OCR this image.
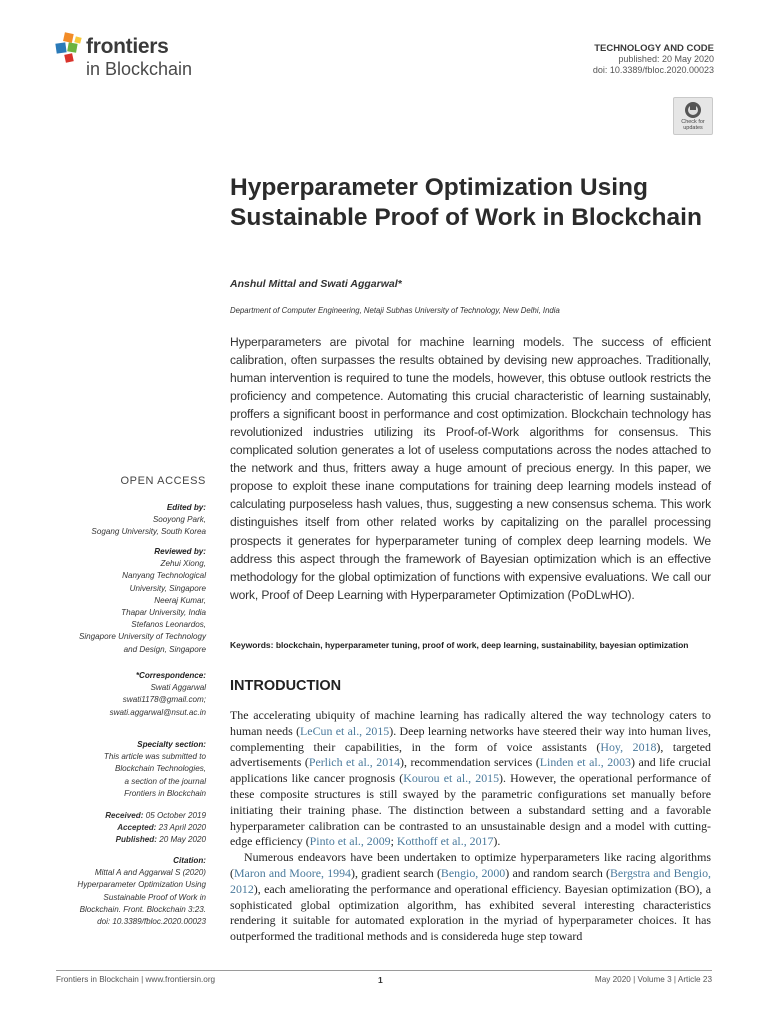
frontiers
in Blockchain
TECHNOLOGY AND CODE
published: 20 May 2020
doi: 10.3389/fbloc.2020.00023
Check for
updates
Hyperparameter Optimization Using Sustainable Proof of Work in Blockchain
Anshul Mittal and Swati Aggarwal*
Department of Computer Engineering, Netaji Subhas University of Technology, New Delhi, India
Hyperparameters are pivotal for machine learning models. The success of efficient calibration, often surpasses the results obtained by devising new approaches. Traditionally, human intervention is required to tune the models, however, this obtuse outlook restricts the proficiency and competence. Automating this crucial characteristic of learning sustainably, proffers a significant boost in performance and cost optimization. Blockchain technology has revolutionized industries utilizing its Proof-of-Work algorithms for consensus. This complicated solution generates a lot of useless computations across the nodes attached to the network and thus, fritters away a huge amount of precious energy. In this paper, we propose to exploit these inane computations for training deep learning models instead of calculating purposeless hash values, thus, suggesting a new consensus schema. This work distinguishes itself from other related works by capitalizing on the parallel processing prospects it generates for hyperparameter tuning of complex deep learning models. We address this aspect through the framework of Bayesian optimization which is an effective methodology for the global optimization of functions with expensive evaluations. We call our work, Proof of Deep Learning with Hyperparameter Optimization (PoDLwHO).
Keywords: blockchain, hyperparameter tuning, proof of work, deep learning, sustainability, bayesian optimization
INTRODUCTION

The accelerating ubiquity of machine learning has radically altered the way technology caters to human needs (LeCun et al., 2015). Deep learning networks have steered their way into human lives, complementing their capabilities, in the form of voice assistants (Hoy, 2018), targeted advertisements (Perlich et al., 2014), recommendation services (Linden et al., 2003) and life crucial applications like cancer prognosis (Kourou et al., 2015). However, the operational performance of these composite structures is still swayed by the parametric configurations set manually before initiating their training phase. The distinction between a substandard setting and a favorable hyperparameter calibration can be contrasted to an unsustainable design and a model with cutting-edge efficiency (Pinto et al., 2009; Kotthoff et al., 2017).

Numerous endeavors have been undertaken to optimize hyperparameters like racing algorithms (Maron and Moore, 1994), gradient search (Bengio, 2000) and random search (Bergstra and Bengio, 2012), each ameliorating the performance and operational efficiency. Bayesian optimization (BO), a sophisticated global optimization algorithm, has exhibited several interesting characteristics rendering it suitable for automated exploration in the myriad of hyperparameter choices. It has outperformed the traditional methods and is considereda huge step toward

OPEN ACCESS
Edited by:
Sooyong Park,
Sogang University, South Korea
Reviewed by:
Zehui Xiong,
Nanyang Technological
University, Singapore
Neeraj Kumar,
Thapar University, India
Stefanos Leonardos,
Singapore University of Technology
and Design, Singapore
*Correspondence:
Swati Aggarwal
swati1178@gmail.com;
swati.aggarwal@nsut.ac.in
Specialty section:
This article was submitted to
Blockchain Technologies,
a section of the journal
Frontiers in Blockchain
Received: 05 October 2019
Accepted: 23 April 2020
Published: 20 May 2020
Citation:
Mittal A and Aggarwal S (2020)
Hyperparameter Optimization Using
Sustainable Proof of Work in
Blockchain. Front. Blockchain 3:23.
doi: 10.3389/fbloc.2020.00023
Frontiers in Blockchain | www.frontiersin.org	1	May 2020 | Volume 3 | Article 23
